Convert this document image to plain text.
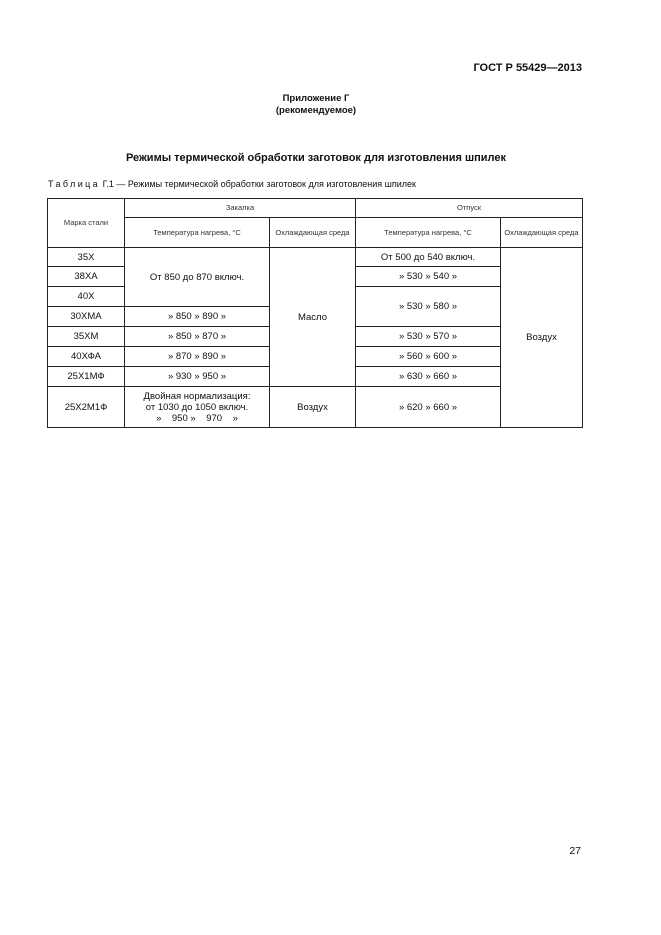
ГОСТ Р 55429—2013
Приложение Г
(рекомендуемое)
Режимы термической обработки заготовок для изготовления шпилек
Таблица Г.1 — Режимы термической обработки заготовок для изготовления шпилек
Марка стали	Закалка		Отпуск	
	Температура нагрева, °С	Охлаждающая среда	Температура нагрева, °С	Охлаждающая среда
35Х	От 850 до 870 включ.	Масло	От 500 до 540 включ.	Воздух
38ХА			» 530 » 540 »	
40Х			» 530 » 580 »	
30ХМА	» 850 » 890 »			
35ХМ	» 850 » 870 »		» 530 » 570 »	
40ХФА	» 870 » 890 »		» 560 » 600 »	
25Х1МФ	» 930 » 950 »		» 630 » 660 »	
25Х2М1Ф	Двойная нормализация:
от 1030 до 1050 включ.
»    950 »    970    »	Воздух	» 620 » 660 »	
27
